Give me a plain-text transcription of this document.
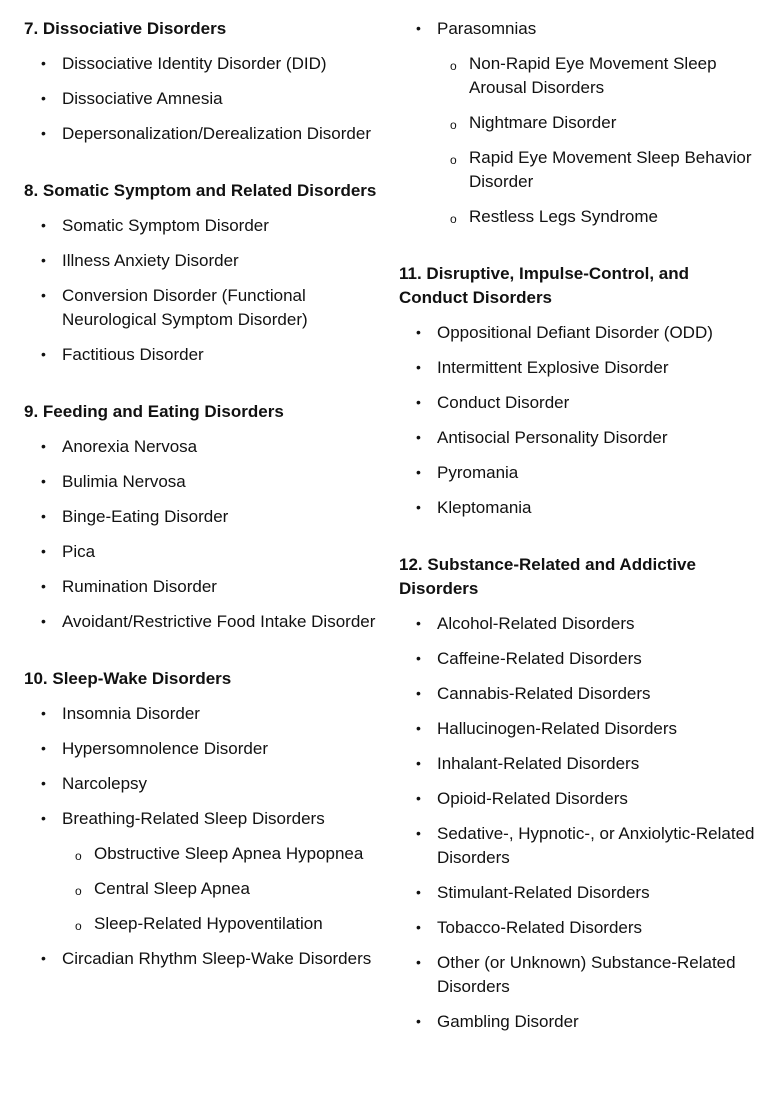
7. Dissociative Disorders
• Dissociative Identity Disorder (DID)
• Dissociative Amnesia
• Depersonalization/Derealization Disorder
8. Somatic Symptom and Related Disorders
• Somatic Symptom Disorder
• Illness Anxiety Disorder
• Conversion Disorder (Functional Neurological Symptom Disorder)
• Factitious Disorder
9. Feeding and Eating Disorders
• Anorexia Nervosa
• Bulimia Nervosa
• Binge-Eating Disorder
• Pica
• Rumination Disorder
• Avoidant/Restrictive Food Intake Disorder
10. Sleep-Wake Disorders
• Insomnia Disorder
• Hypersomnolence Disorder
• Narcolepsy
• Breathing-Related Sleep Disorders
o Obstructive Sleep Apnea Hypopnea
o Central Sleep Apnea
o Sleep-Related Hypoventilation
• Circadian Rhythm Sleep-Wake Disorders
• Parasomnias
o Non-Rapid Eye Movement Sleep Arousal Disorders
o Nightmare Disorder
o Rapid Eye Movement Sleep Behavior Disorder
o Restless Legs Syndrome
11. Disruptive, Impulse-Control, and Conduct Disorders
• Oppositional Defiant Disorder (ODD)
• Intermittent Explosive Disorder
• Conduct Disorder
• Antisocial Personality Disorder
• Pyromania
• Kleptomania
12. Substance-Related and Addictive Disorders
• Alcohol-Related Disorders
• Caffeine-Related Disorders
• Cannabis-Related Disorders
• Hallucinogen-Related Disorders
• Inhalant-Related Disorders
• Opioid-Related Disorders
• Sedative-, Hypnotic-, or Anxiolytic-Related Disorders
• Stimulant-Related Disorders
• Tobacco-Related Disorders
• Other (or Unknown) Substance-Related Disorders
• Gambling Disorder
